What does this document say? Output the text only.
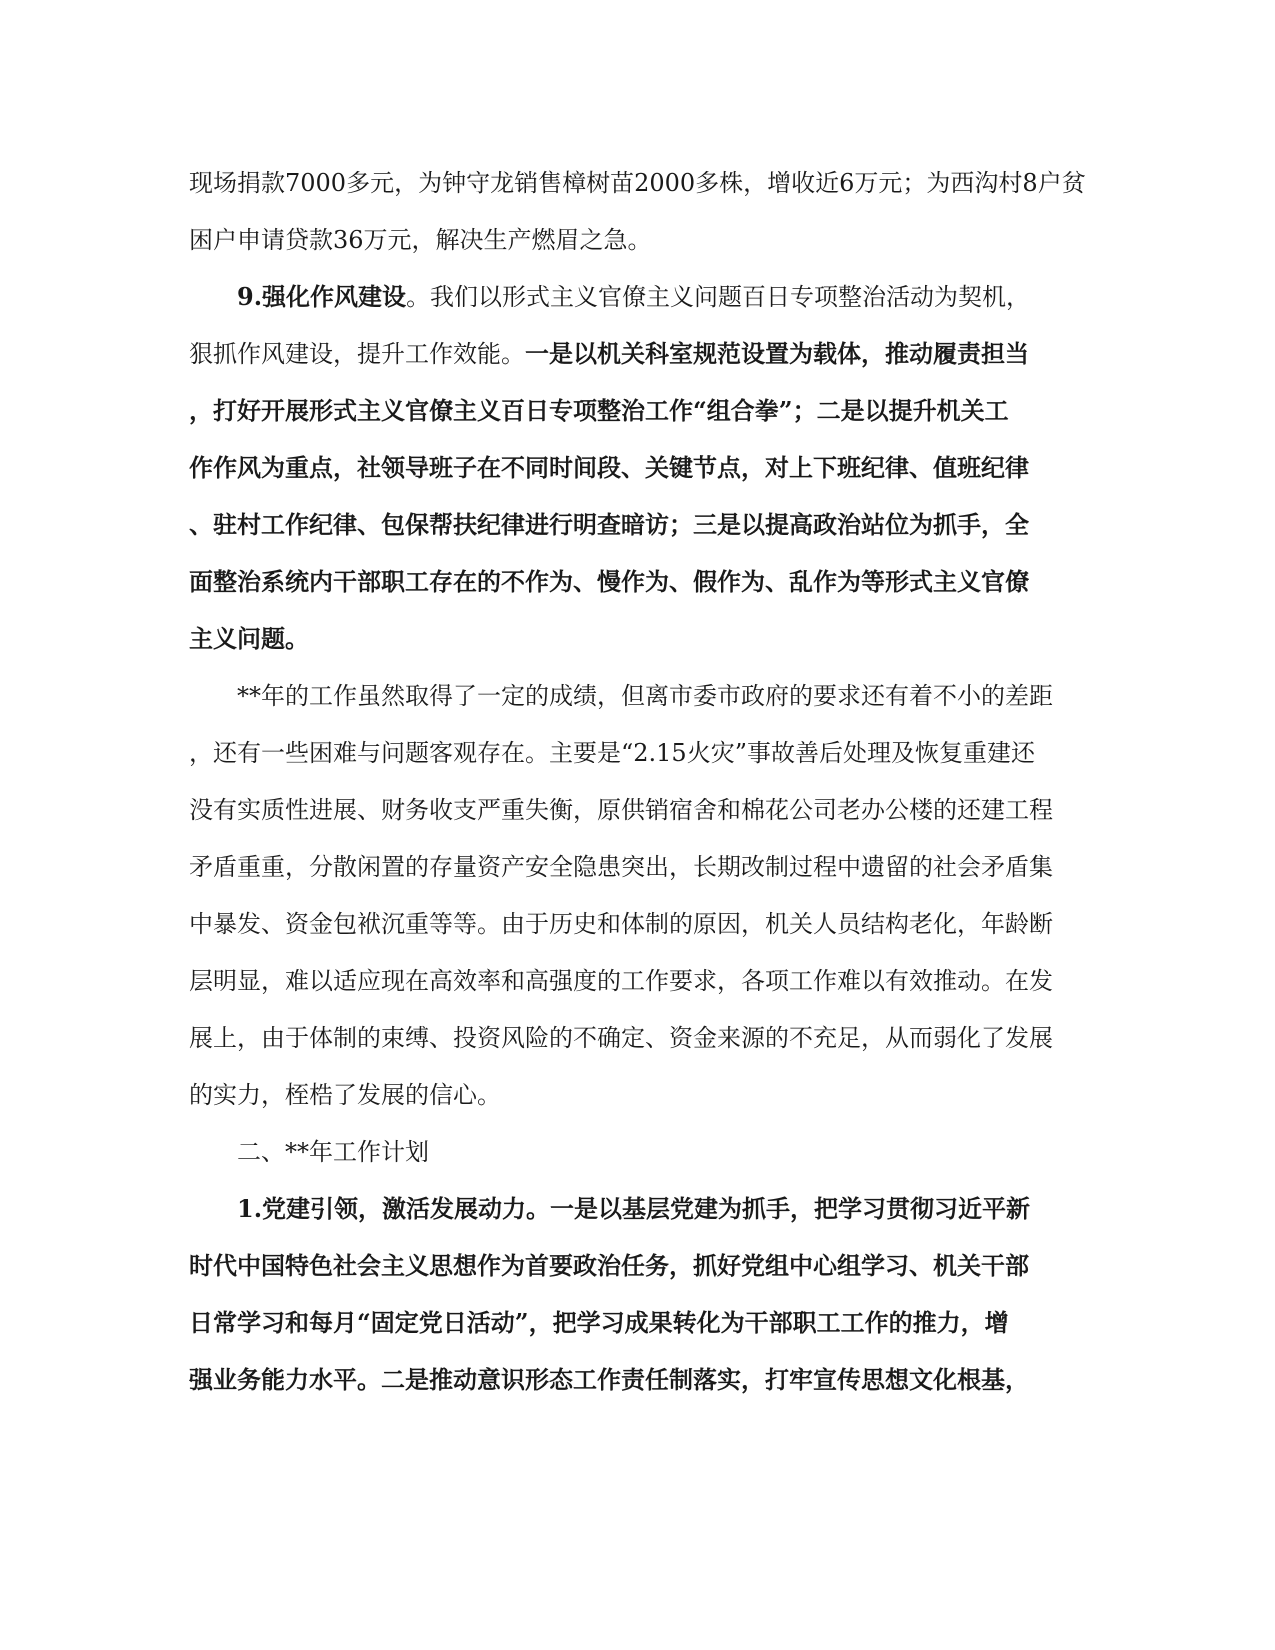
现场捐款7000多元，为钟守龙销售樟树苗2000多株，增收近6万元；为西沟村8户贫
困户申请贷款36万元，解决生产燃眉之急。
9.强化作风建设。我们以形式主义官僚主义问题百日专项整治活动为契机，
狠抓作风建设，提升工作效能。一是以机关科室规范设置为载体，推动履责担当
，打好开展形式主义官僚主义百日专项整治工作“组合拳”；二是以提升机关工
作作风为重点，社领导班子在不同时间段、关键节点，对上下班纪律、值班纪律
、驻村工作纪律、包保帮扶纪律进行明查暗访；三是以提高政治站位为抓手，全
面整治系统内干部职工存在的不作为、慢作为、假作为、乱作为等形式主义官僚
主义问题。
**年的工作虽然取得了一定的成绩，但离市委市政府的要求还有着不小的差距
，还有一些困难与问题客观存在。主要是“2.15火灾”事故善后处理及恢复重建还
没有实质性进展、财务收支严重失衡，原供销宿舍和棉花公司老办公楼的还建工程
矛盾重重，分散闲置的存量资产安全隐患突出，长期改制过程中遗留的社会矛盾集
中暴发、资金包袱沉重等等。由于历史和体制的原因，机关人员结构老化，年龄断
层明显，难以适应现在高效率和高强度的工作要求，各项工作难以有效推动。在发
展上，由于体制的束缚、投资风险的不确定、资金来源的不充足，从而弱化了发展
的实力，桎梏了发展的信心。
二、**年工作计划
1.党建引领，激活发展动力。一是以基层党建为抓手，把学习贯彻习近平新
时代中国特色社会主义思想作为首要政治任务，抓好党组中心组学习、机关干部
日常学习和每月“固定党日活动”，把学习成果转化为干部职工工作的推力，增
强业务能力水平。二是推动意识形态工作责任制落实，打牢宣传思想文化根基，
